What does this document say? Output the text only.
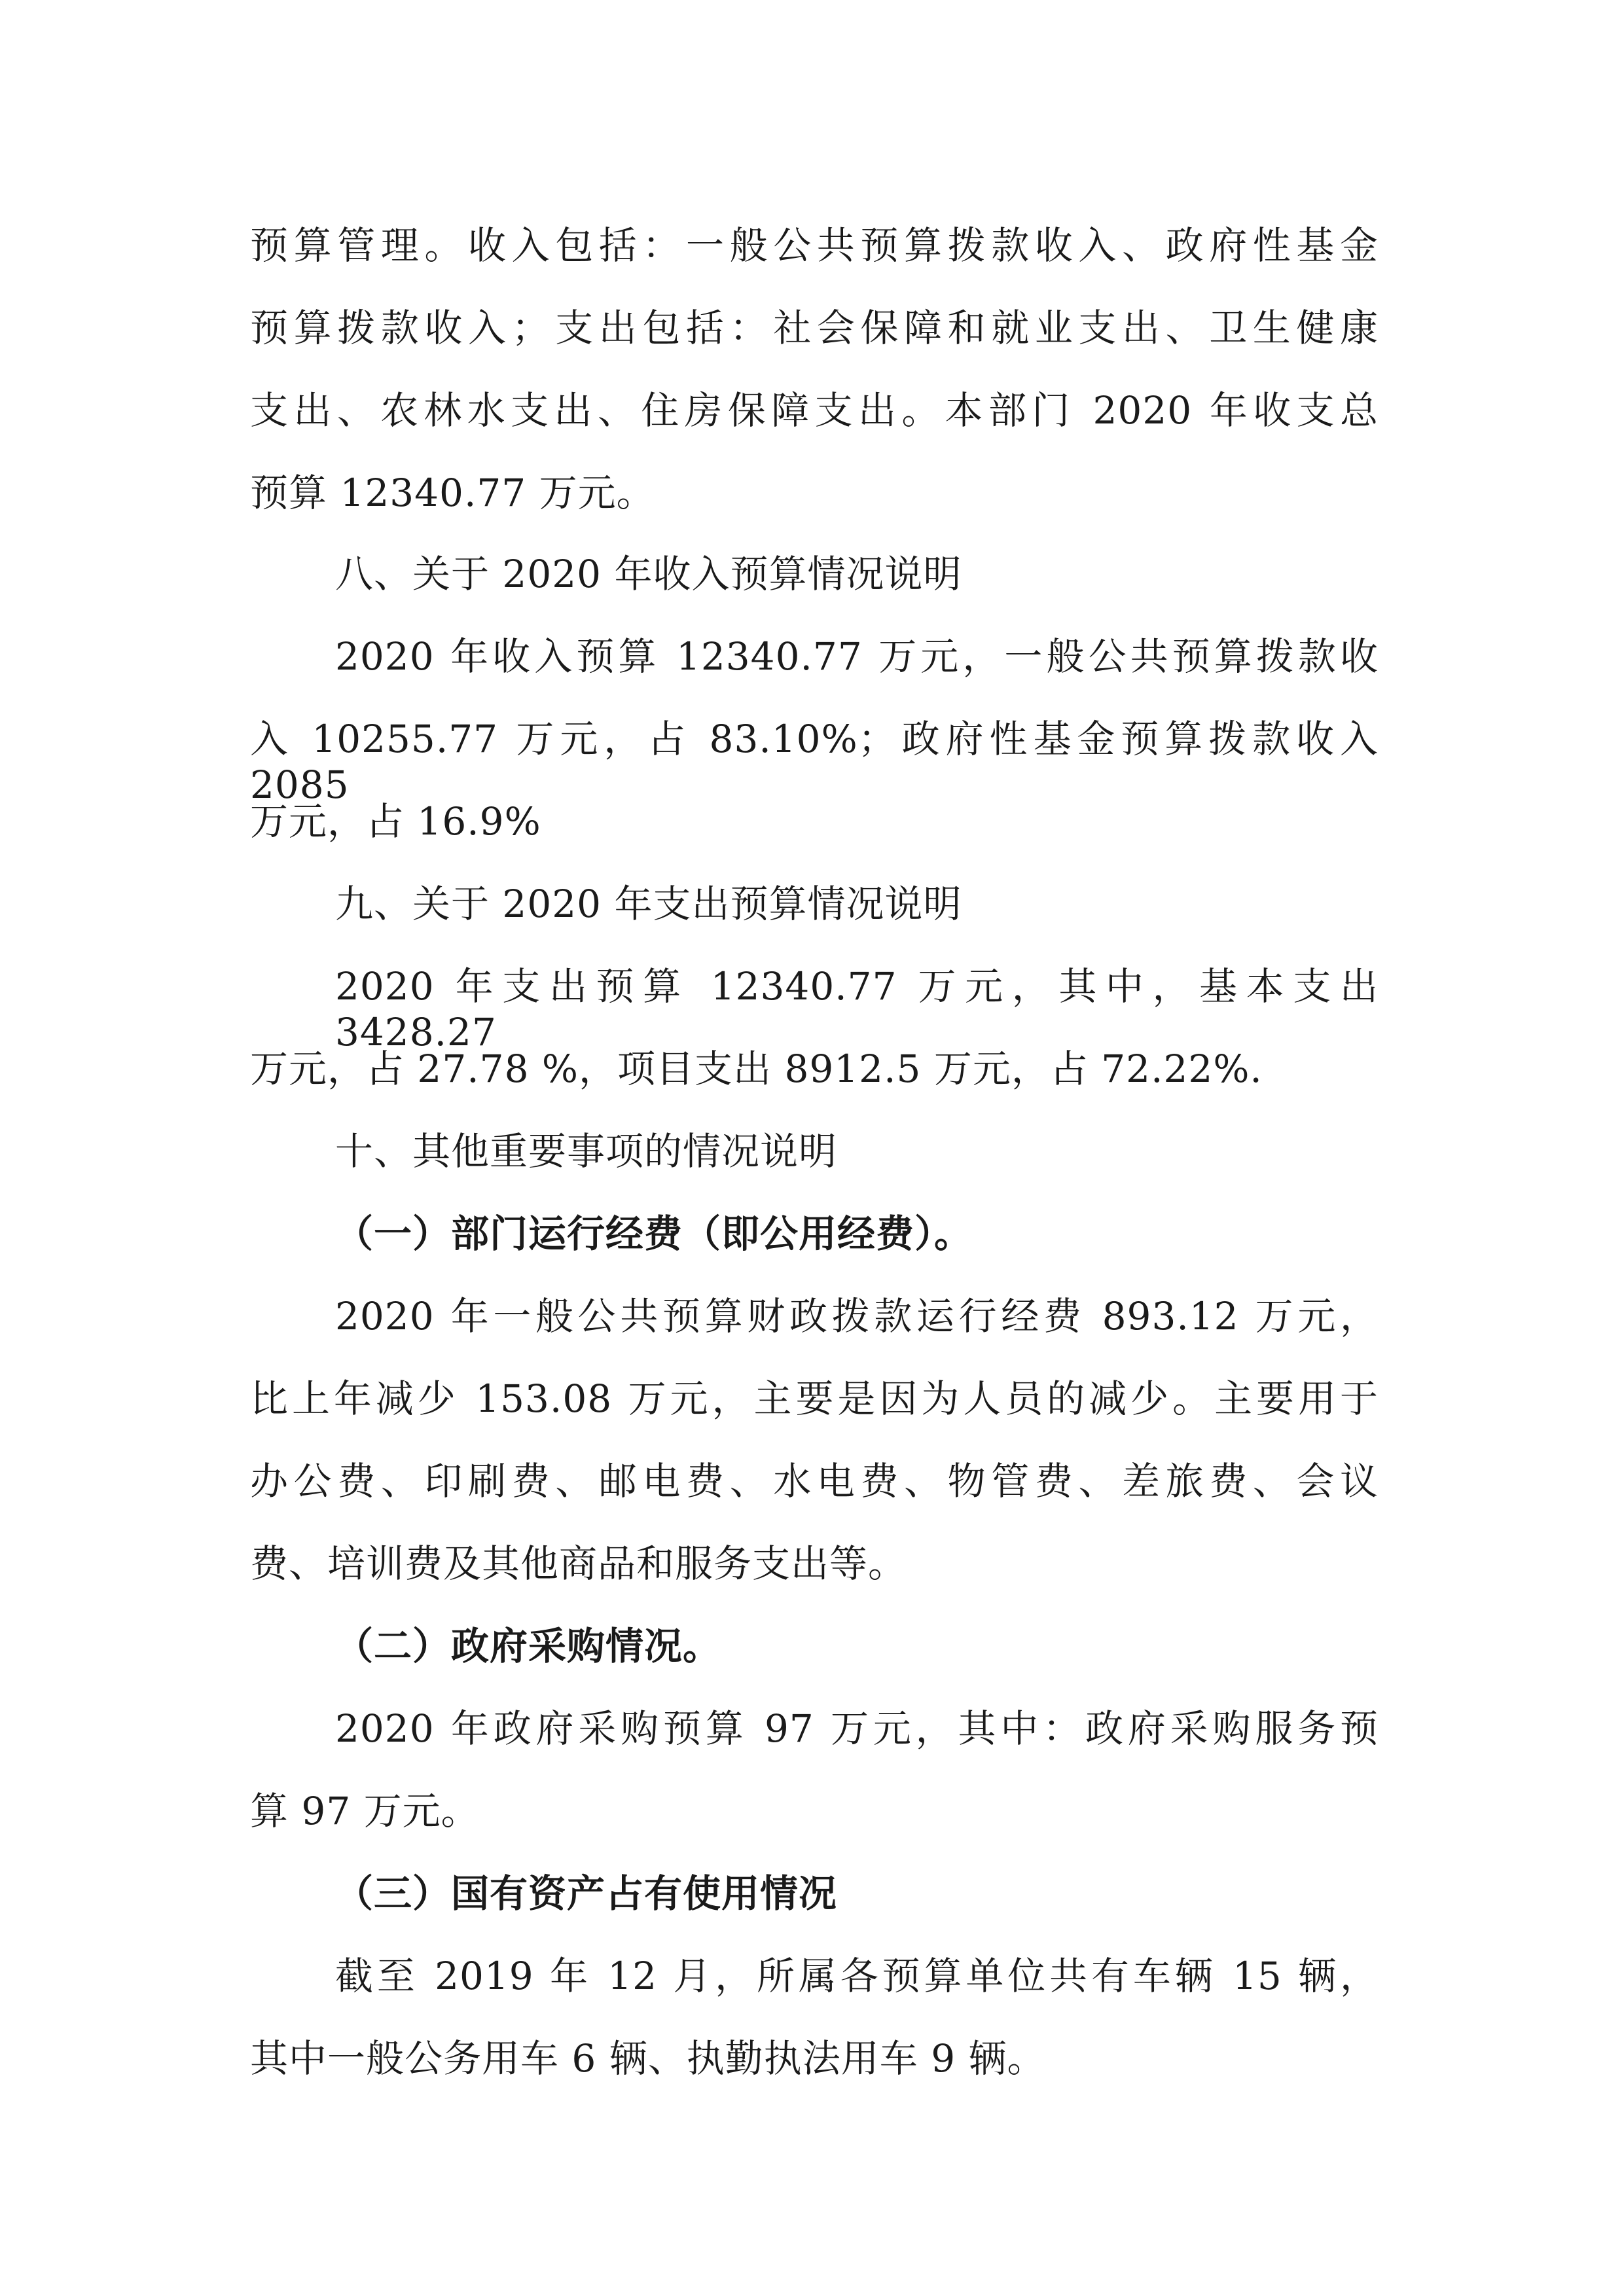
预算管理。收入包括：一般公共预算拨款收入、政府性基金
预算拨款收入；支出包括：社会保障和就业支出、卫生健康
支出、农林水支出、住房保障支出。本部门 2020 年收支总
预算 12340.77 万元。
八、关于 2020 年收入预算情况说明
2020 年收入预算 12340.77 万元，一般公共预算拨款收
入 10255.77 万元，占 83.10%；政府性基金预算拨款收入 2085
万元，占 16.9%
九、关于 2020 年支出预算情况说明
2020 年支出预算 12340.77 万元，其中，基本支出 3428.27
万元，占 27.78 %，项目支出 8912.5 万元，占 72.22%.
十、其他重要事项的情况说明
（一）部门运行经费（即公用经费）。
2020 年一般公共预算财政拨款运行经费 893.12 万元，
比上年减少 153.08 万元，主要是因为人员的减少。主要用于
办公费、印刷费、邮电费、水电费、物管费、差旅费、会议
费、培训费及其他商品和服务支出等。
（二）政府采购情况。
2020 年政府采购预算 97 万元，其中：政府采购服务预
算 97 万元。
（三）国有资产占有使用情况
截至 2019 年 12 月，所属各预算单位共有车辆 15 辆，
其中一般公务用车 6 辆、执勤执法用车 9 辆。
